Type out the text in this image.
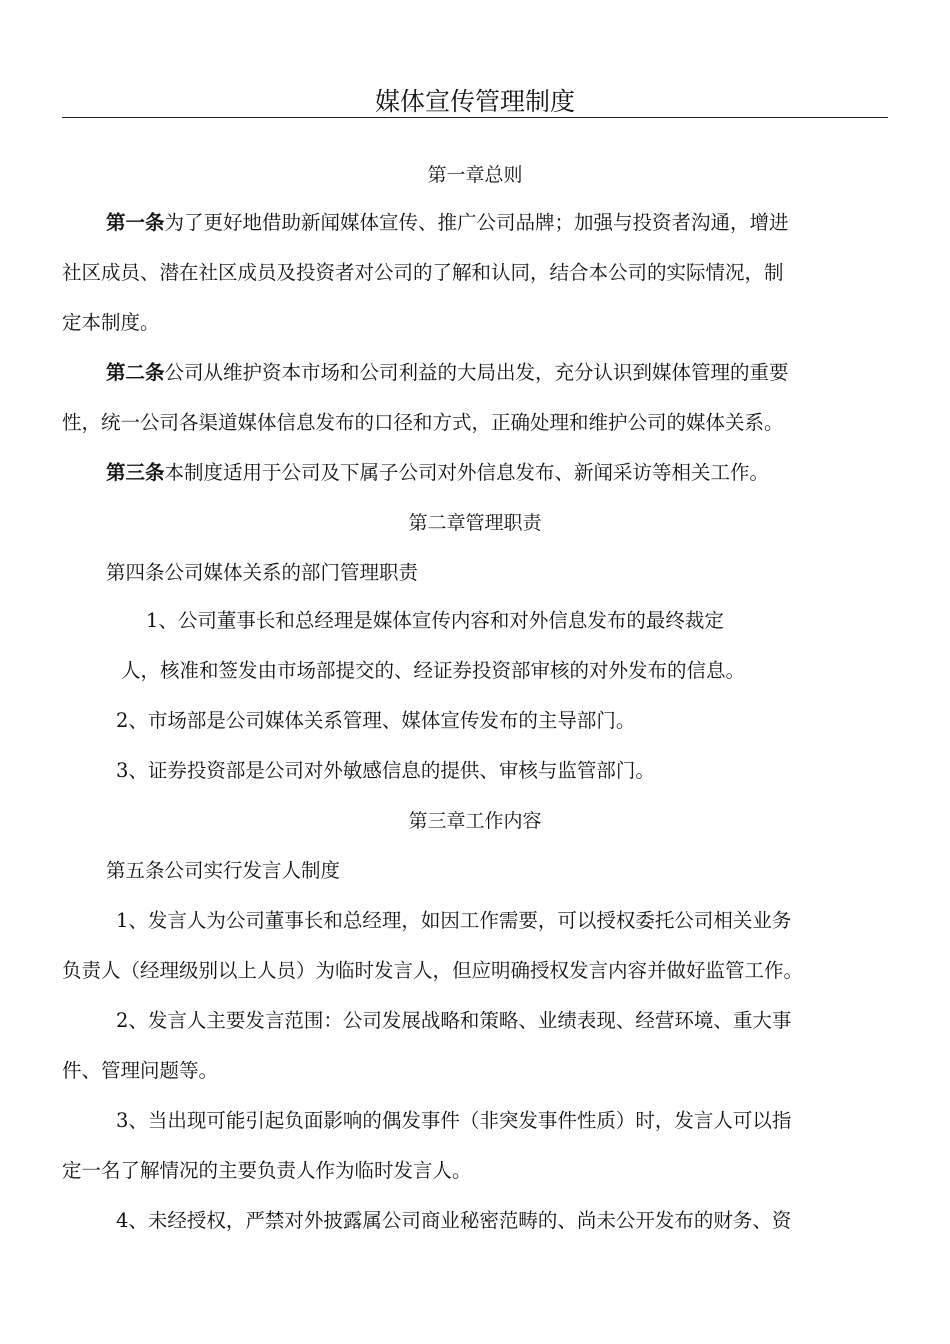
媒体宣传管理制度
第一章总则
第一条为了更好地借助新闻媒体宣传、推广公司品牌；加强与投资者沟通，增进
社区成员、潜在社区成员及投资者对公司的了解和认同，结合本公司的实际情况，制
定本制度。
第二条公司从维护资本市场和公司利益的大局出发，充分认识到媒体管理的重要
性，统一公司各渠道媒体信息发布的口径和方式，正确处理和维护公司的媒体关系。
第三条本制度适用于公司及下属子公司对外信息发布、新闻采访等相关工作。
第二章管理职责
第四条公司媒体关系的部门管理职责
1、公司董事长和总经理是媒体宣传内容和对外信息发布的最终裁定
人，核准和签发由市场部提交的、经证券投资部审核的对外发布的信息。
2、市场部是公司媒体关系管理、媒体宣传发布的主导部门。
3、证券投资部是公司对外敏感信息的提供、审核与监管部门。
第三章工作内容
第五条公司实行发言人制度
1、发言人为公司董事长和总经理，如因工作需要，可以授权委托公司相关业务
负责人（经理级别以上人员）为临时发言人，但应明确授权发言内容并做好监管工作。
2、发言人主要发言范围：公司发展战略和策略、业绩表现、经营环境、重大事
件、管理问题等。
3、当出现可能引起负面影响的偶发事件（非突发事件性质）时，发言人可以指
定一名了解情况的主要负责人作为临时发言人。
4、未经授权，严禁对外披露属公司商业秘密范畴的、尚未公开发布的财务、资
